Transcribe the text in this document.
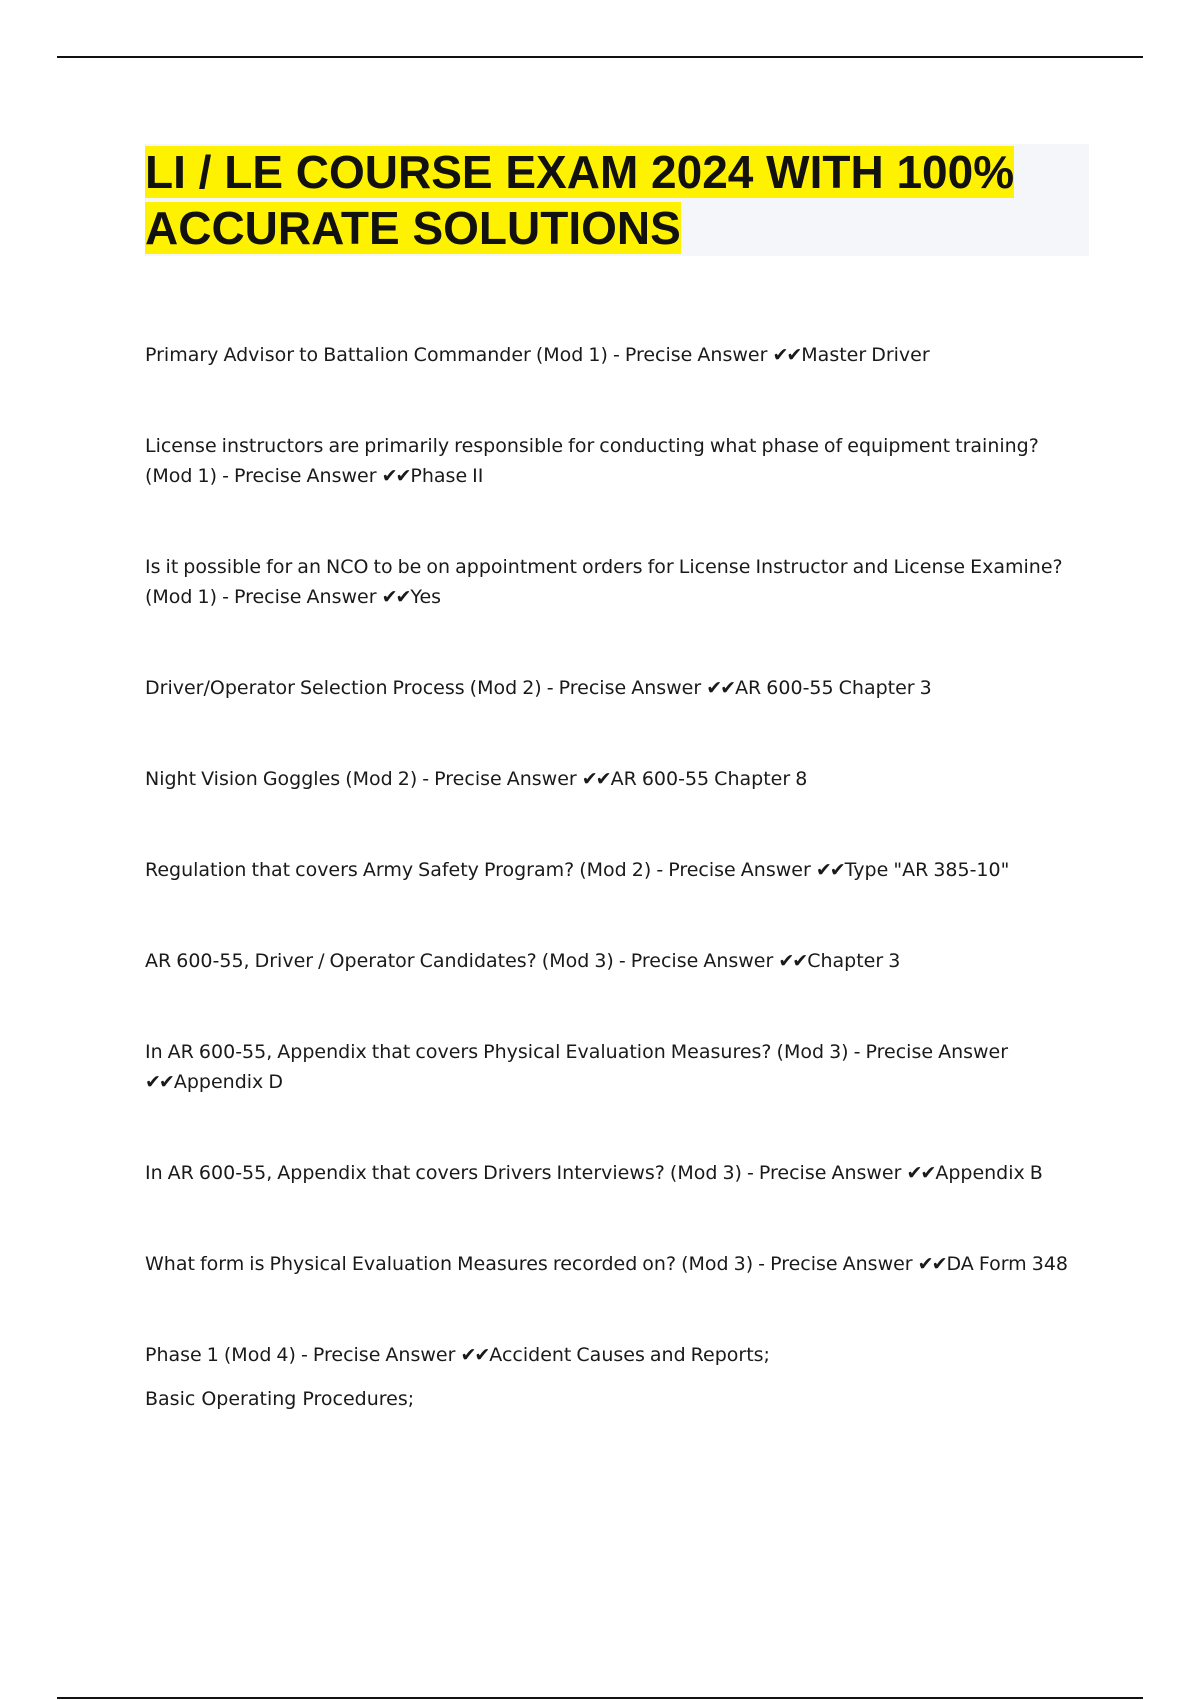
LI / LE COURSE EXAM 2024 WITH 100% ACCURATE SOLUTIONS

Primary Advisor to Battalion Commander (Mod 1) - Precise Answer ✔✔Master Driver

License instructors are primarily responsible for conducting what phase of equipment training? (Mod 1) - Precise Answer ✔✔Phase II

Is it possible for an NCO to be on appointment orders for License Instructor and License Examine? (Mod 1) - Precise Answer ✔✔Yes

Driver/Operator Selection Process (Mod 2) - Precise Answer ✔✔AR 600-55 Chapter 3

Night Vision Goggles (Mod 2) - Precise Answer ✔✔AR 600-55 Chapter 8

Regulation that covers Army Safety Program? (Mod 2) - Precise Answer ✔✔Type "AR 385-10"

AR 600-55, Driver / Operator Candidates? (Mod 3) - Precise Answer ✔✔Chapter 3

In AR 600-55, Appendix that covers Physical Evaluation Measures? (Mod 3) - Precise Answer ✔✔Appendix D

In AR 600-55, Appendix that covers Drivers Interviews? (Mod 3) - Precise Answer ✔✔Appendix B

What form is Physical Evaluation Measures recorded on? (Mod 3) - Precise Answer ✔✔DA Form 348

Phase 1 (Mod 4) - Precise Answer ✔✔Accident Causes and Reports;

Basic Operating Procedures;
